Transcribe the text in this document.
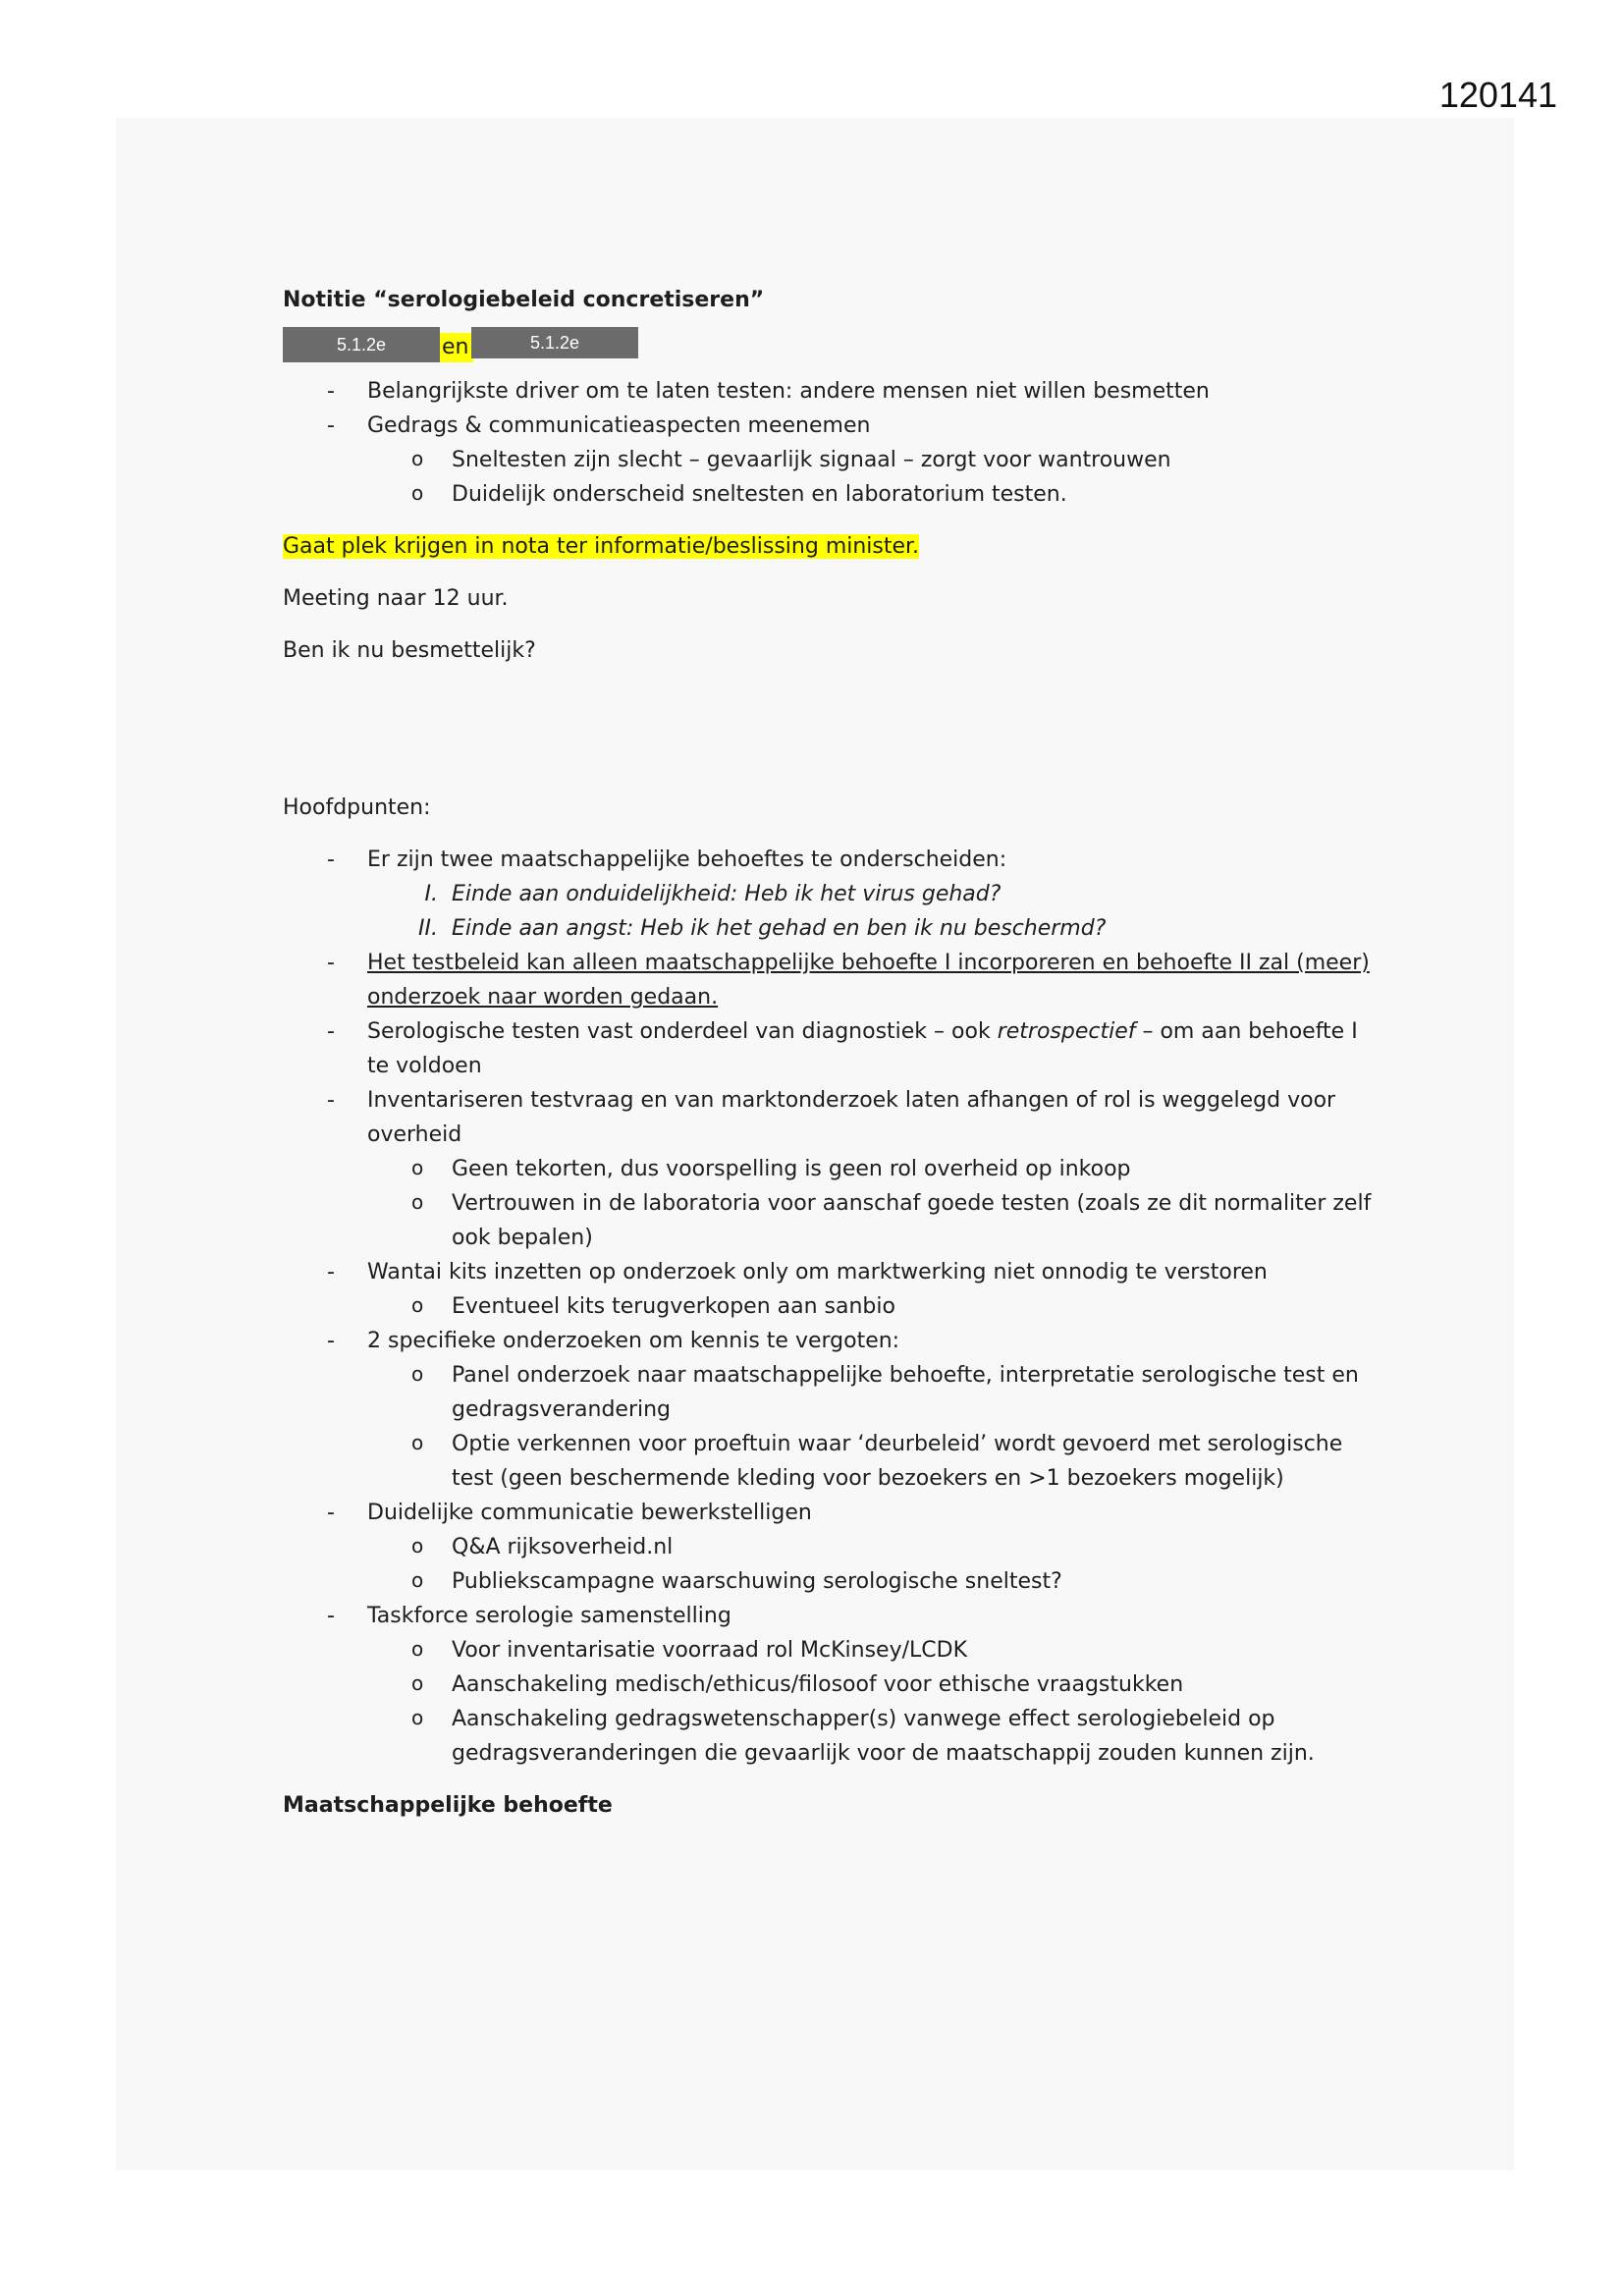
120141

Notitie “serologiebeleid concretiseren”

5.1.2e	en	5.1.2e
- Belangrijkste driver om te laten testen: andere mensen niet willen besmetten
- Gedrags & communicatieaspecten meenemen
o Sneltesten zijn slecht – gevaarlijk signaal – zorgt voor wantrouwen
o Duidelijk onderscheid sneltesten en laboratorium testen.

Gaat plek krijgen in nota ter informatie/beslissing minister.

Meeting naar 12 uur.

Ben ik nu besmettelijk?

Hoofdpunten:

- Er zijn twee maatschappelijke behoeftes te onderscheiden:
I. Einde aan onduidelijkheid: Heb ik het virus gehad?
II. Einde aan angst: Heb ik het gehad en ben ik nu beschermd?
- Het testbeleid kan alleen maatschappelijke behoefte I incorporeren en behoefte II zal (meer) onderzoek naar worden gedaan.
- Serologische testen vast onderdeel van diagnostiek – ook retrospectief – om aan behoefte I te voldoen
- Inventariseren testvraag en van marktonderzoek laten afhangen of rol is weggelegd voor overheid
o Geen tekorten, dus voorspelling is geen rol overheid op inkoop
o Vertrouwen in de laboratoria voor aanschaf goede testen (zoals ze dit normaliter zelf ook bepalen)
- Wantai kits inzetten op onderzoek only om marktwerking niet onnodig te verstoren
o Eventueel kits terugverkopen aan sanbio
- 2 specifieke onderzoeken om kennis te vergoten:
o Panel onderzoek naar maatschappelijke behoefte, interpretatie serologische test en gedragsverandering
o Optie verkennen voor proeftuin waar ‘deurbeleid’ wordt gevoerd met serologische test (geen beschermende kleding voor bezoekers en >1 bezoekers mogelijk)
- Duidelijke communicatie bewerkstelligen
o Q&A rijksoverheid.nl
o Publiekscampagne waarschuwing serologische sneltest?
- Taskforce serologie samenstelling
o Voor inventarisatie voorraad rol McKinsey/LCDK
o Aanschakeling medisch/ethicus/filosoof voor ethische vraagstukken
o Aanschakeling gedragswetenschapper(s) vanwege effect serologiebeleid op gedragsveranderingen die gevaarlijk voor de maatschappij zouden kunnen zijn.

Maatschappelijke behoefte
